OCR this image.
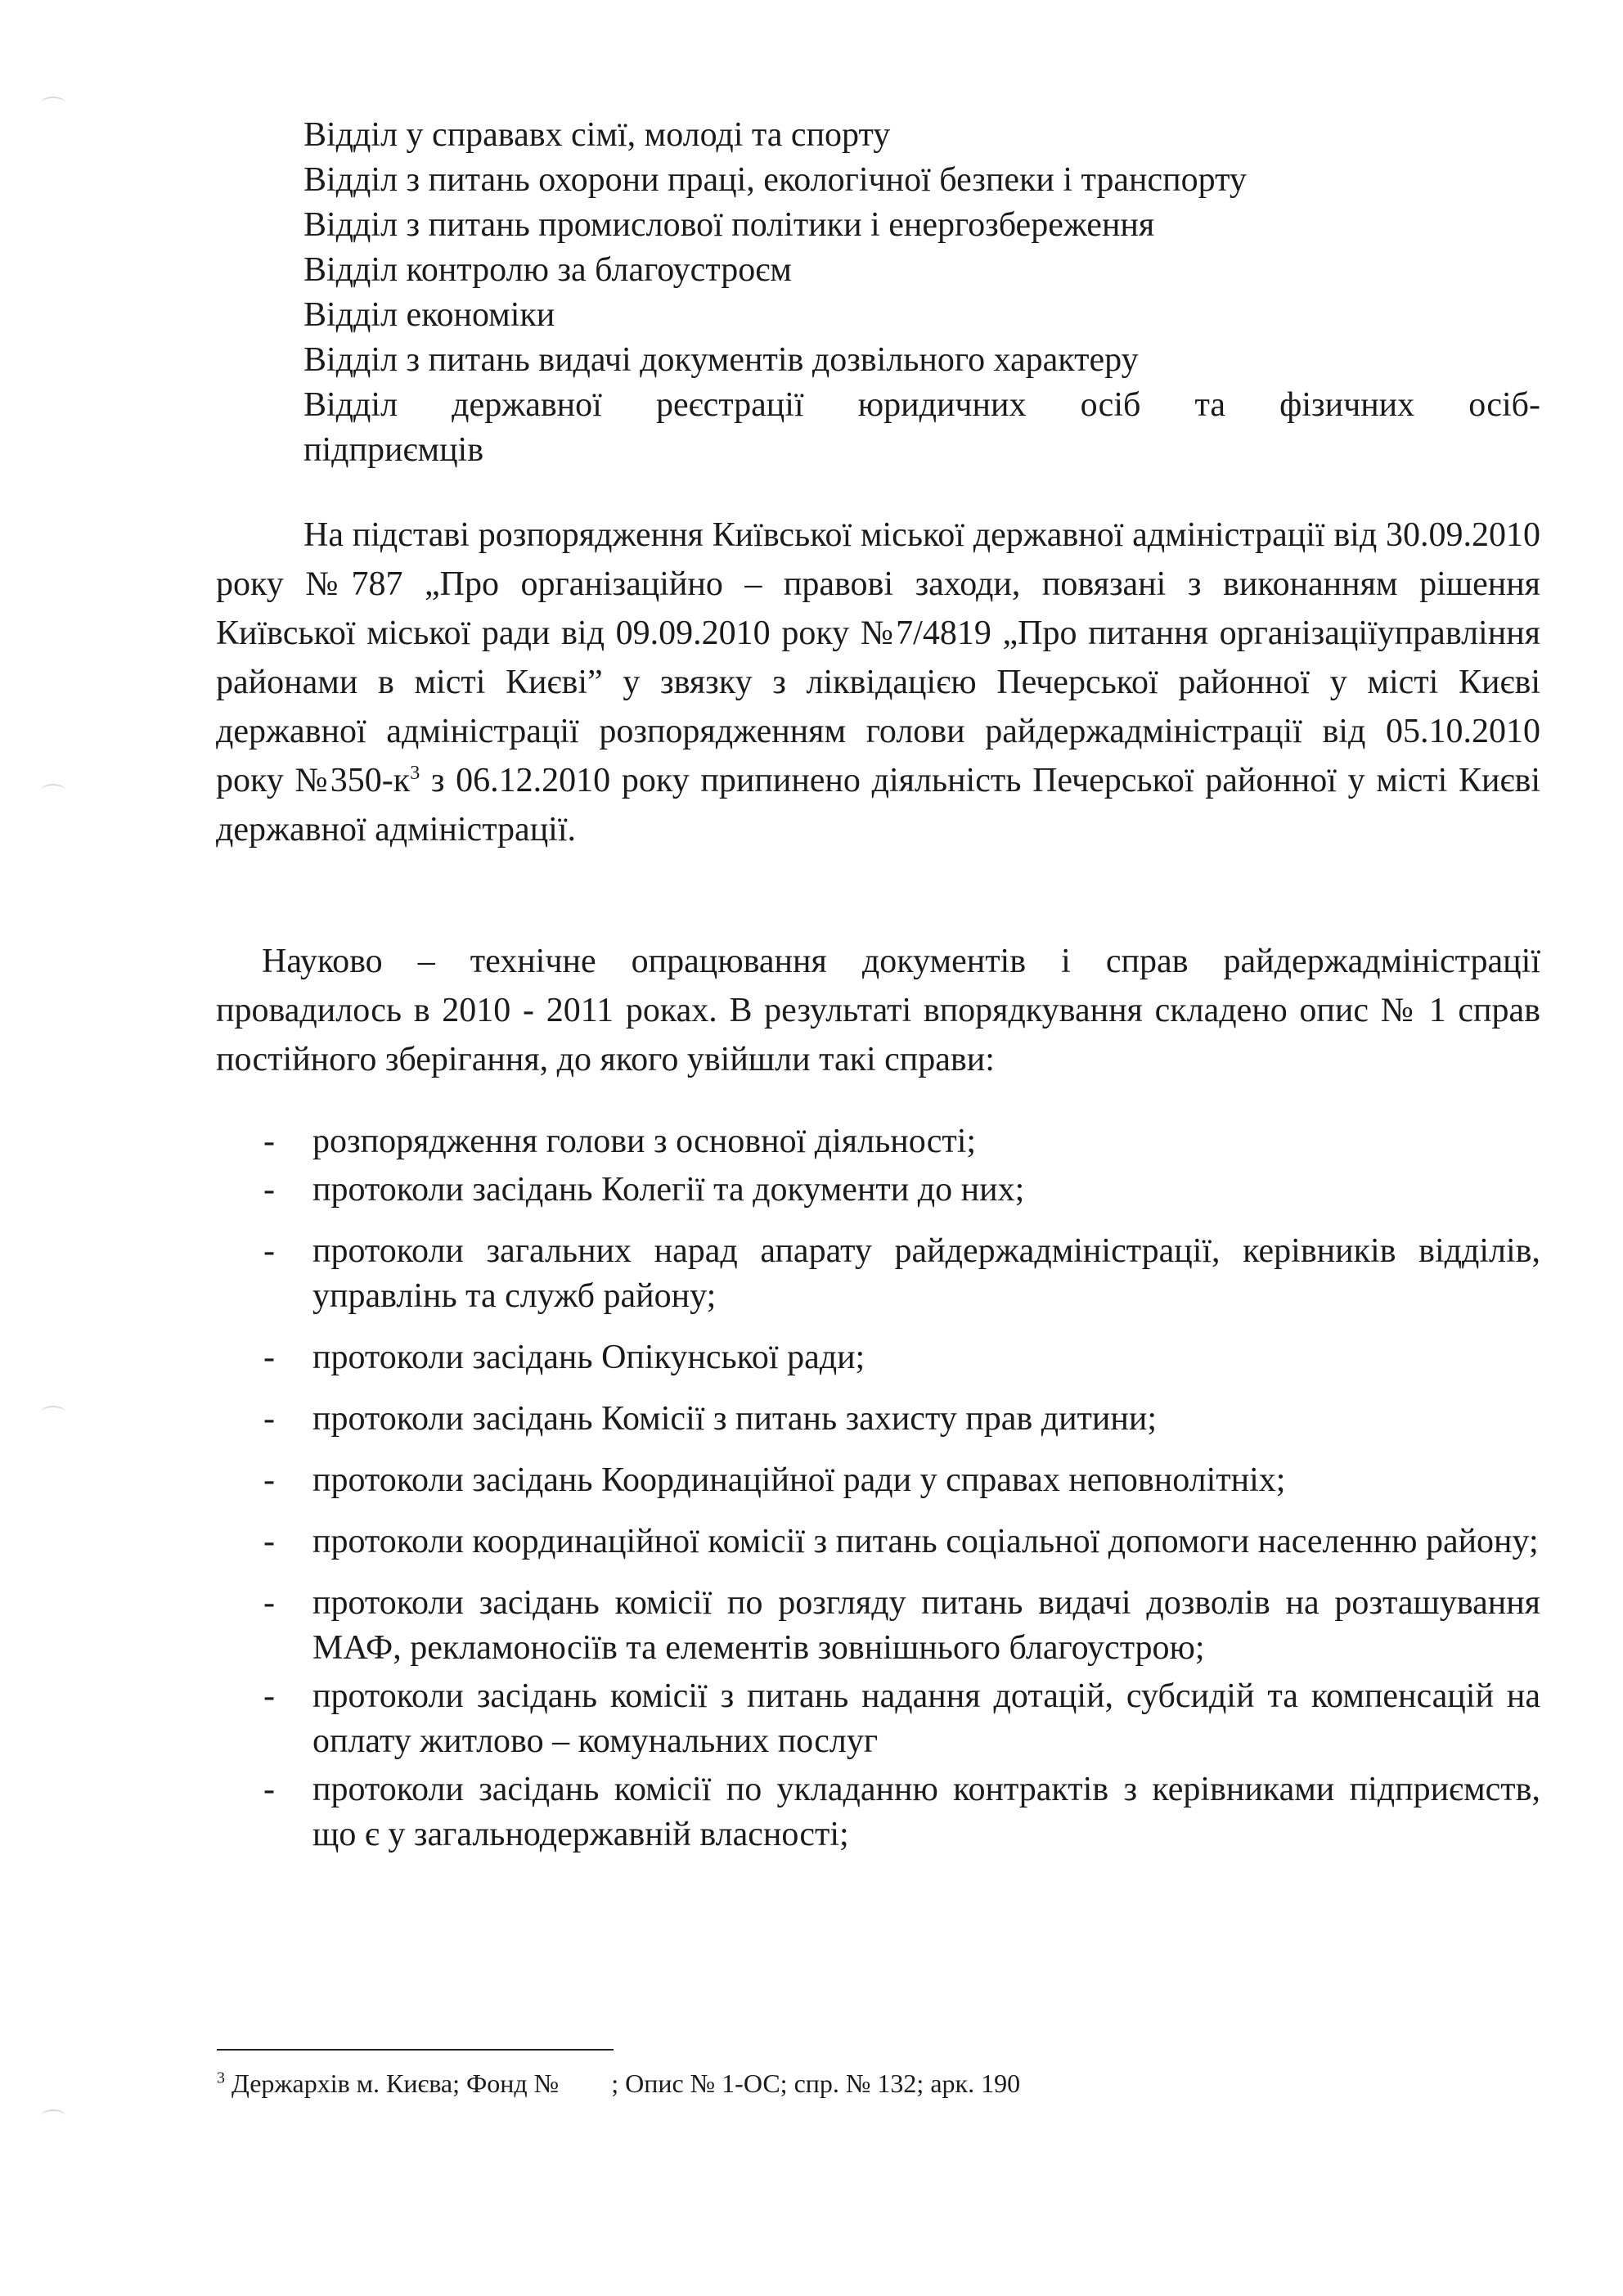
Відділ у справавх сімї, молоді та спорту
Відділ з питань охорони праці, екологічної безпеки і транспорту
Відділ з питань промислової політики і енергозбереження
Відділ контролю за благоустроєм
Відділ економіки
Відділ з питань видачі документів дозвільного характеру
Відділ державної реєстрації юридичних осіб та фізичних осіб-
підприємців

На підставі розпорядження Київської міської державної адміністрації від 30.09.2010 року №787 „Про організаційно – правові заходи, повязані з виконанням рішення Київської міської ради від 09.09.2010 року №7/4819 „Про питання організаціїуправління районами в місті Києві” у звязку з ліквідацією Печерської районної у місті Києві державної адміністрації розпорядженням голови райдержадміністрації від 05.10.2010 року $№350-к^3$ з 06.12.2010 року припинено діяльність Печерської районної у місті Києві державної адміністрації.

Науково – технічне опрацювання документів і справ райдержадміністрації провадилось в 2010 - 2011 роках. В результаті впорядкування складено опис № 1 справ постійного зберігання, до якого увійшли такі справи:

- розпорядження голови з основної діяльності;
- протоколи засідань Колегії та документи до них;
- протоколи загальних нарад апарату райдержадміністрації, керівників відділів, управлінь та служб району;
- протоколи засідань Опікунської ради;
- протоколи засідань Комісії з питань захисту прав дитини;
- протоколи засідань Координаційної ради у справах неповнолітніх;
- протоколи координаційної комісії з питань соціальної допомоги населенню району;
- протоколи засідань комісії по розгляду питань видачі дозволів на розташування МАФ, рекламоносіїв та елементів зовнішнього благоустрою;
- протоколи засідань комісії з питань надання дотацій, субсидій та компенсацій на оплату житлово – комунальних послуг
- протоколи засідань комісії по укладанню контрактів з керівниками підприємств, що є у загальнодержавній власності;
$^3$ Держархів м. Києва; Фонд №        ; Опис № 1-ОС; спр. № 132; арк. 190
